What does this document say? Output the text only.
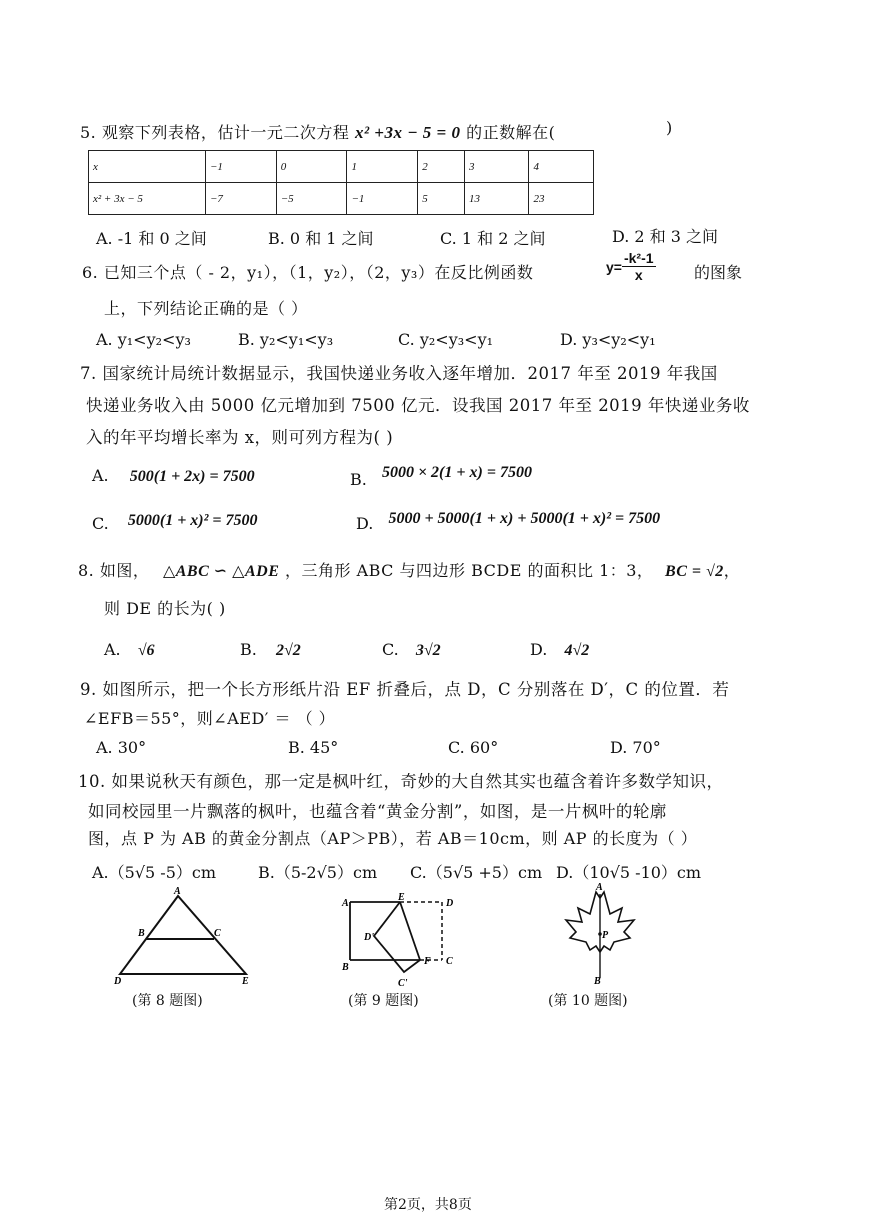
5. 观察下列表格，估计一元二次方程 x² +3x − 5 = 0 的正数解在(	)
x	−1	0	1	2	3	4
x² + 3x − 5	−7	−5	−1	5	13	23
A. -1 和 0 之间	B. 0 和 1 之间	C. 1 和 2 之间	D. 2 和 3 之间
6. 已知三个点（ - 2，y₁），（1，y₂），（2，y₃）在反比例函数	$y= \frac{\text{-k²-1}}{x}$ 的图象
上，下列结论正确的是（ ）
A. y₁<y₂<y₃	B. y₂<y₁<y₃	C. y₂<y₃<y₁	D. y₃<y₂<y₁
7. 国家统计局统计数据显示，我国快递业务收入逐年增加．2017 年至 2019 年我国
快递业务收入由 5000 亿元增加到 7500 亿元．设我国 2017 年至 2019 年快递业务收
入的年平均增长率为 x，则可列方程为( )
A. 500(1 + 2x) = 7500	B. 5000 × 2(1 + x) = 7500
C. 5000(1 + x)² = 7500	D. 5000 + 5000(1 + x) + 5000(1 + x)² = 7500
8. 如图， △ABC ∽ △ADE ，三角形 ABC 与四边形 BCDE 的面积比 1：3， BC = √2，
则 DE 的长为( )
A. √6	B. 2√2	C. 3√2	D. 4√2
9. 如图所示，把一个长方形纸片沿 EF 折叠后，点 D，C 分别落在 D′，C 的位置．若
∠EFB＝55°，则∠AED′ ＝ （ ）
A. 30°	B. 45°	C. 60°	D. 70°
10. 如果说秋天有颜色，那一定是枫叶红，奇妙的大自然其实也蕴含着许多数学知识，
如同校园里一片飘落的枫叶，也蕴含着“黄金分割”，如图，是一片枫叶的轮廓
图，点 P 为 AB 的黄金分割点（AP＞PB），若 AB＝10cm，则 AP 的长度为（ ）
A.（5√5 -5）cm	B.（5-2√5）cm C.（5√5 +5）cm D.（10√5 -10）cm
A
B	C
D	E
(第 8 题图)
A
E
D
D'
B
F C
C'
(第 9 题图)
A
P
B
(第 10 题图)
第2页，共8页
